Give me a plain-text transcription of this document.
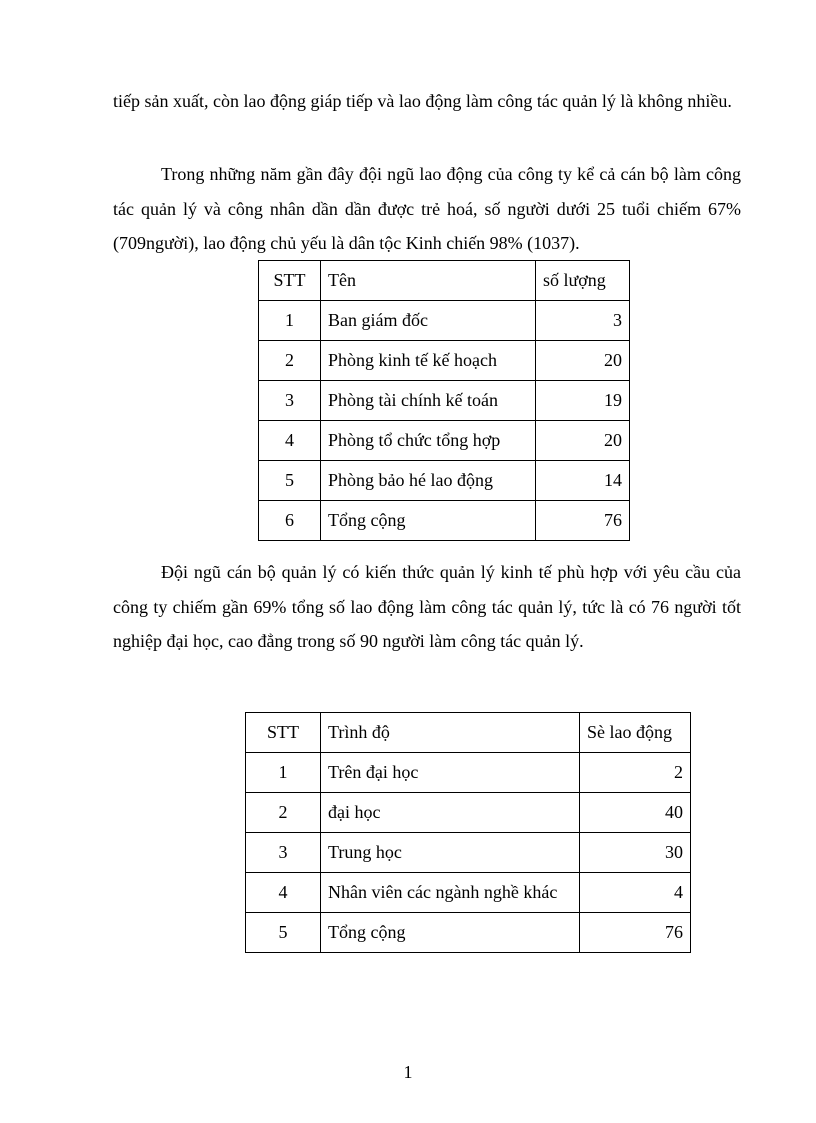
tiếp sản xuất, còn lao động giáp tiếp và lao động làm công tác quản lý là không nhiều.

Trong những năm gần đây đội ngũ lao động của công ty kể cả cán bộ làm công tác quản lý và công nhân dần dần được trẻ hoá, số người dưới 25 tuổi chiếm 67% (709người), lao động chủ yếu là dân tộc Kinh chiến 98% (1037).

STT	Tên	số lượng
1	Ban giám đốc	3
2	Phòng kinh tế kế hoạch	20
3	Phòng tài chính kế toán	19
4	Phòng tổ chức tổng hợp	20
5	Phòng bảo hé lao động	14
6	Tổng cộng	76

Đội ngũ cán bộ quản lý có kiến thức quản lý kinh tế phù hợp với yêu cầu của công ty chiếm gần 69% tổng số lao động làm công tác quản lý, tức là có 76 người tốt nghiệp đại học, cao đẳng trong số 90 người làm công tác quản lý.

STT	Trình độ	Sè lao động
1	Trên đại học	2
2	đại học	40
3	Trung học	30
4	Nhân viên các ngành nghề khác	4
5	Tổng cộng	76
1
